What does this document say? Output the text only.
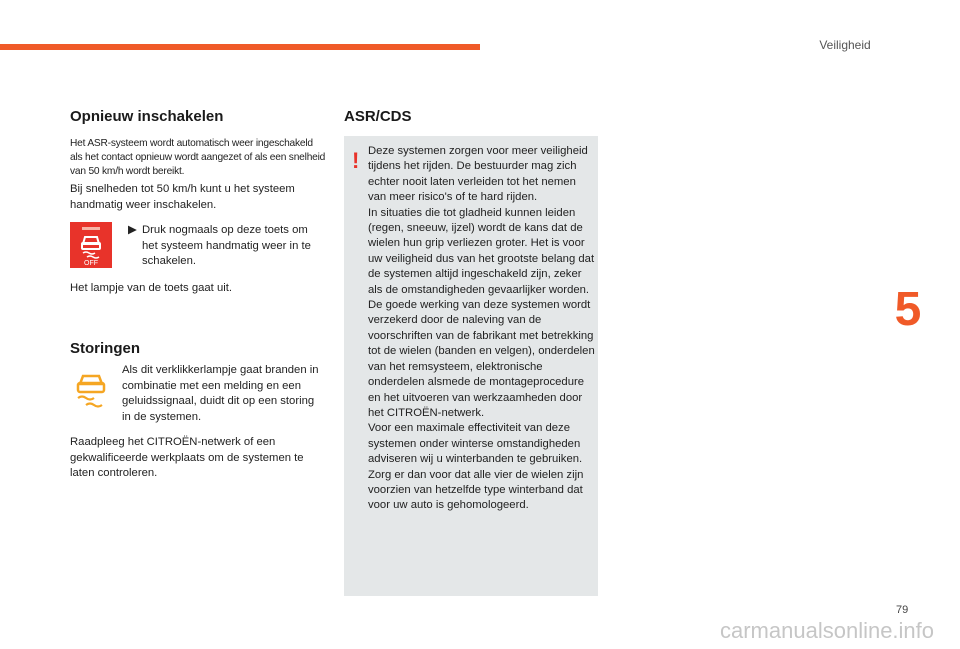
Veiligheid
5
Opnieuw inschakelen
Het ASR-systeem wordt automatisch weer ingeschakeld als het contact opnieuw wordt aangezet of als een snelheid van 50 km/h wordt bereikt.
Bij snelheden tot 50 km/h kunt u het systeem handmatig weer inschakelen.
OFF
▶ Druk nogmaals op deze toets om het systeem handmatig weer in te schakelen.
Het lampje van de toets gaat uit.
Storingen
Als dit verklikkerlampje gaat branden in combinatie met een melding en een geluidssignaal, duidt dit op een storing in de systemen.
Raadpleeg het CITROËN-netwerk of een gekwalificeerde werkplaats om de systemen te laten controleren.
ASR/CDS
! Deze systemen zorgen voor meer veiligheid tijdens het rijden. De bestuurder mag zich echter nooit laten verleiden tot het nemen van meer risico's of te hard rijden.
In situaties die tot gladheid kunnen leiden (regen, sneeuw, ijzel) wordt de kans dat de wielen hun grip verliezen groter. Het is voor uw veiligheid dus van het grootste belang dat de systemen altijd ingeschakeld zijn, zeker als de omstandigheden gevaarlijker worden.
De goede werking van deze systemen wordt verzekerd door de naleving van de voorschriften van de fabrikant met betrekking tot de wielen (banden en velgen), onderdelen van het remsysteem, elektronische onderdelen alsmede de montageprocedure en het uitvoeren van werkzaamheden door het CITROËN-netwerk.
Voor een maximale effectiviteit van deze systemen onder winterse omstandigheden adviseren wij u winterbanden te gebruiken.
Zorg er dan voor dat alle vier de wielen zijn voorzien van hetzelfde type winterband dat voor uw auto is gehomologeerd.
79
carmanualsonline.info
